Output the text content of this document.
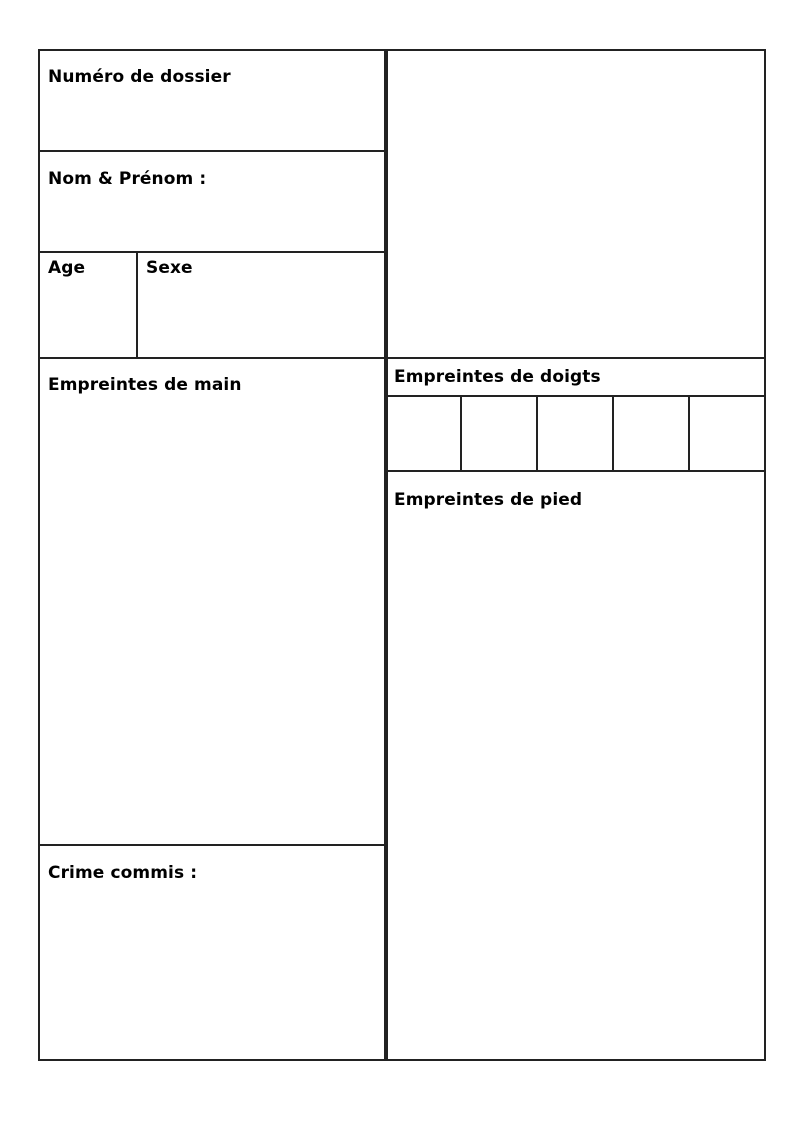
Numéro de dossier
Nom & Prénom :
Age	Sexe
Empreintes de main
Crime commis :
Empreintes de doigts
Empreintes de pied
